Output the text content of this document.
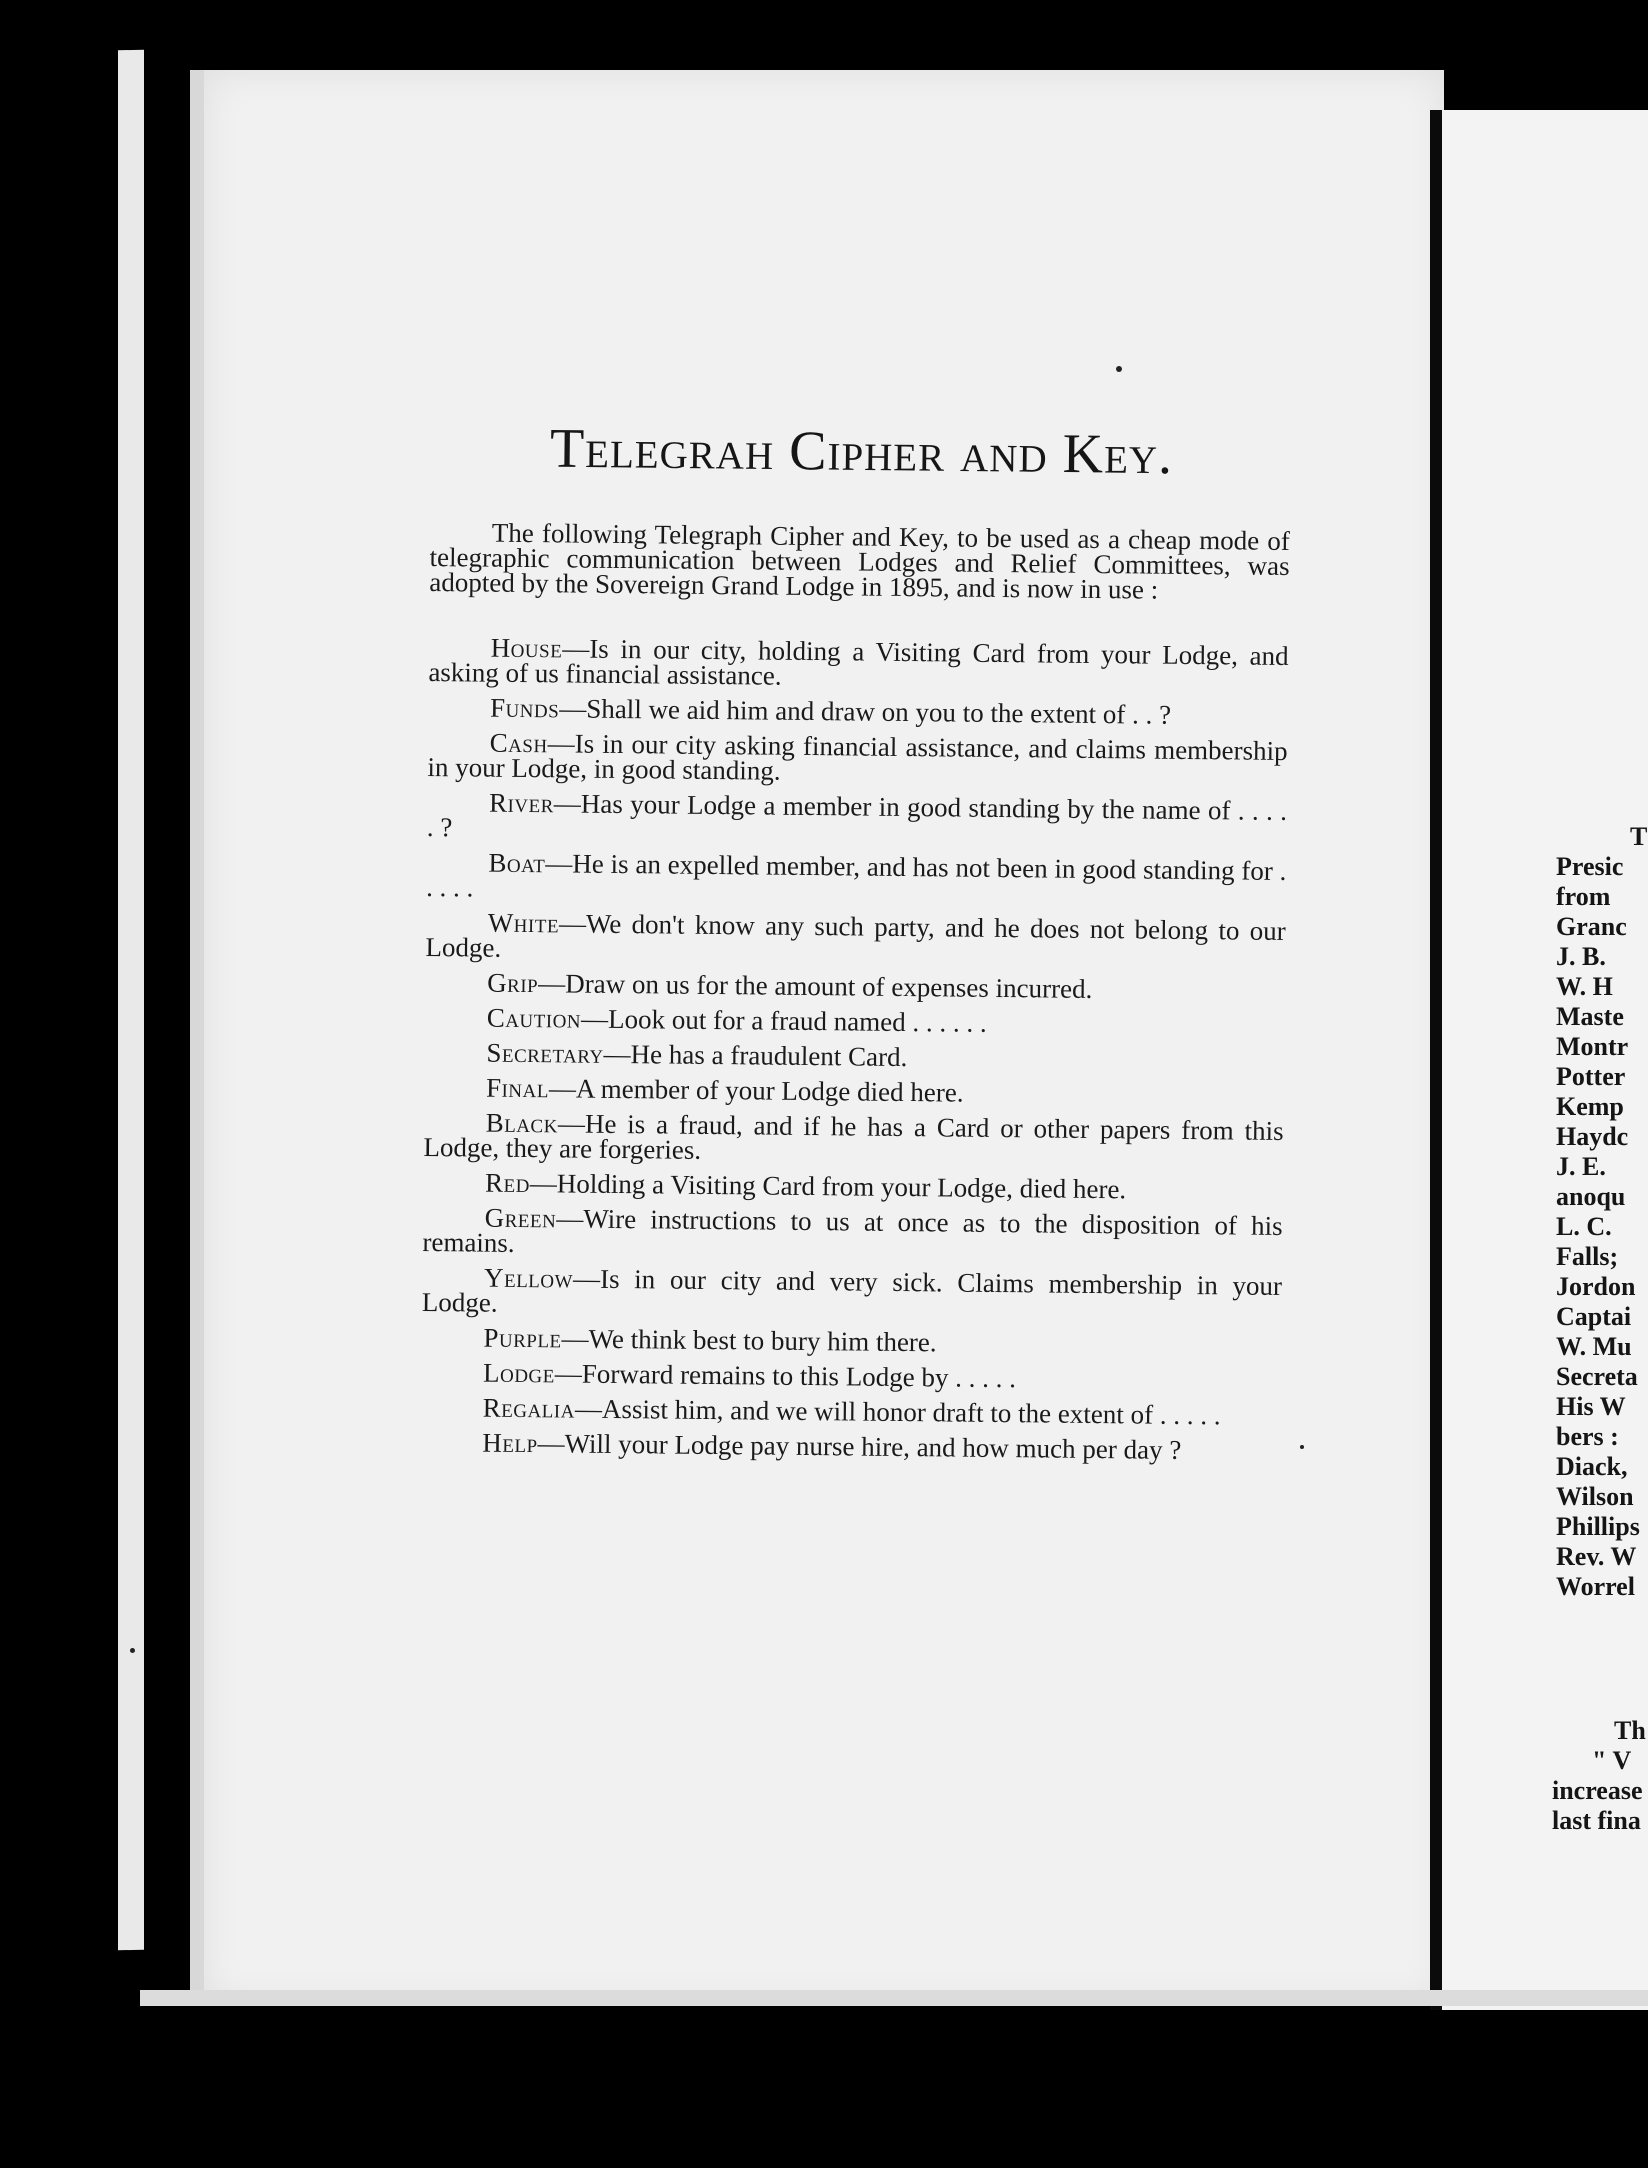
Telegrah Cipher and Key.

The following Telegraph Cipher and Key, to be used as a cheap mode of telegraphic communication between Lodges and Relief Committees, was adopted by the Sovereign Grand Lodge in 1895, and is now in use :

House—Is in our city, holding a Visiting Card from your Lodge, and asking of us financial assistance.

Funds—Shall we aid him and draw on you to the extent of . . ?

Cash—Is in our city asking financial assistance, and claims membership in your Lodge, in good standing.

River—Has your Lodge a member in good standing by the name of . . . . . ?

Boat—He is an expelled member, and has not been in good standing for . . . . .

White—We don't know any such party, and he does not belong to our Lodge.

Grip—Draw on us for the amount of expenses incurred.

Caution—Look out for a fraud named . . . . . .

Secretary—He has a fraudulent Card.

Final—A member of your Lodge died here.

Black—He is a fraud, and if he has a Card or other papers from this Lodge, they are forgeries.

Red—Holding a Visiting Card from your Lodge, died here.

Green—Wire instructions to us at once as to the disposition of his remains.

Yellow—Is in our city and very sick. Claims membership in your Lodge.

Purple—We think best to bury him there.

Lodge—Forward remains to this Lodge by . . . . .

Regalia—Assist him, and we will honor draft to the extent of . . . . .

Help—Will your Lodge pay nurse hire, and how much per day ?

T
Presic
from
Granc
J. B.
W. H
Maste
Montr
Potter
Kemp
Haydc
J. E.
anoqu
L. C.
Falls;
Jordon
Captai
W. Mu
Secreta
His W
bers :
Diack,
Wilson
Phillips
Rev. W
Worrel
Th
" V
increase
last fina
